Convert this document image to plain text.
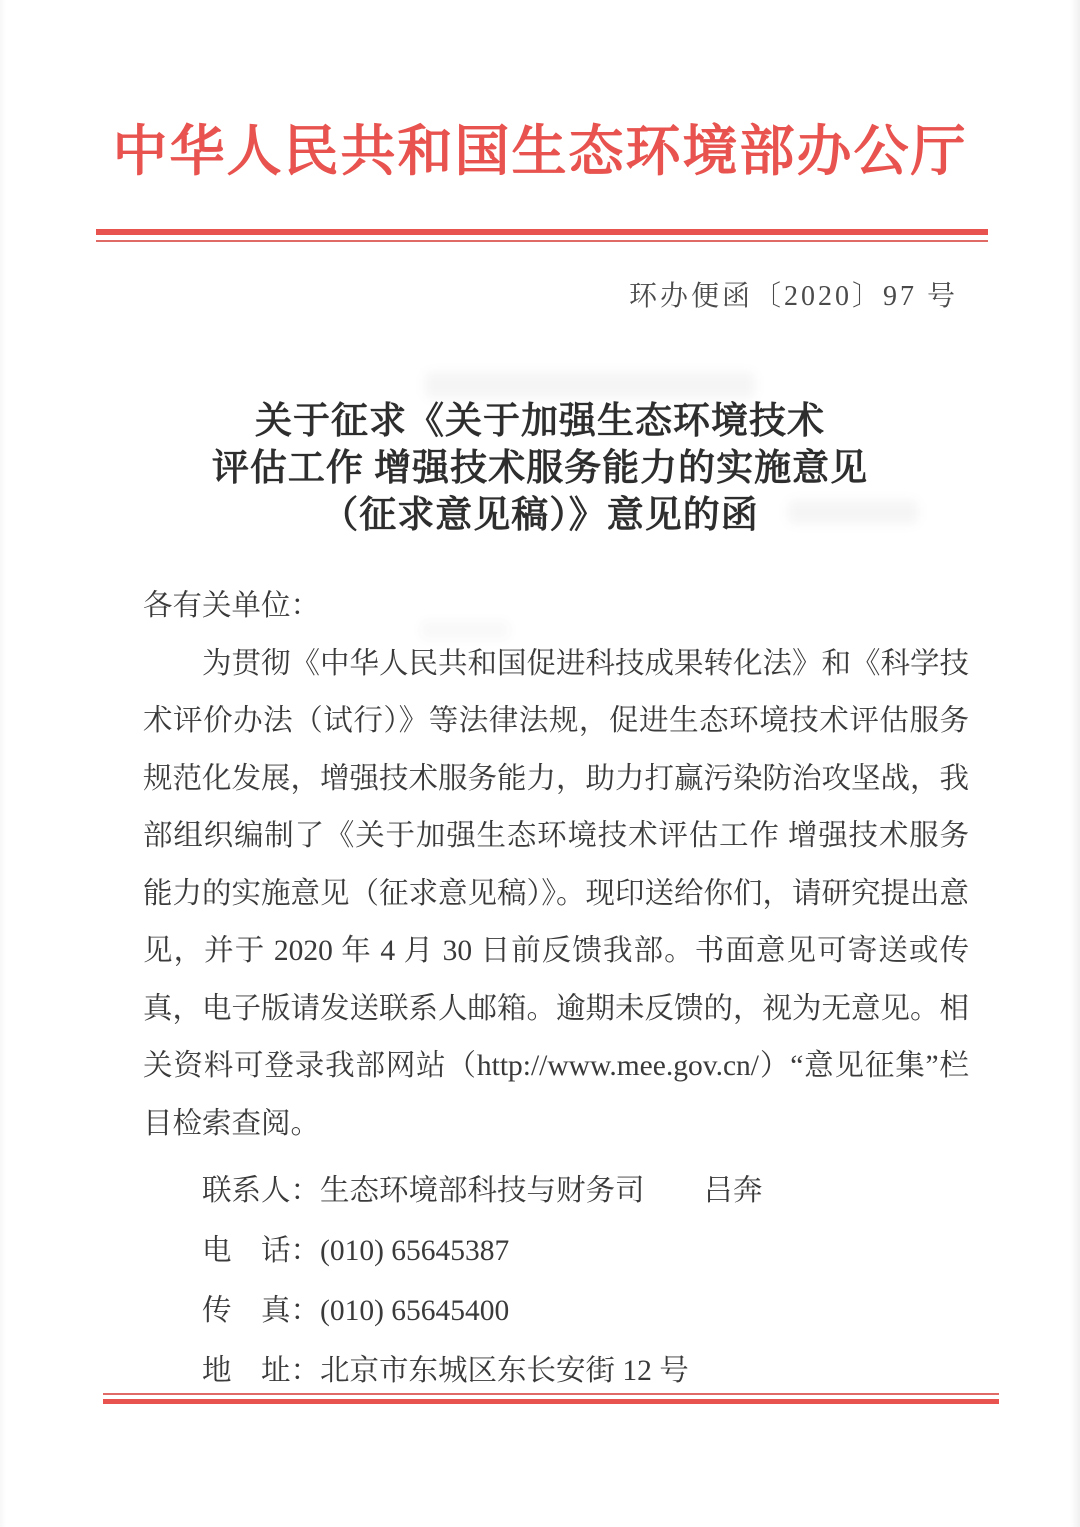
中华人民共和国生态环境部办公厅
环办便函〔2020〕97 号
关于征求《关于加强生态环境技术
评估工作 增强技术服务能力的实施意见
（征求意见稿）》意见的函

各有关单位：

为贯彻《中华人民共和国促进科技成果转化法》和《科学技术评价办法（试行）》等法律法规，促进生态环境技术评估服务规范化发展，增强技术服务能力，助力打赢污染防治攻坚战，我部组织编制了《关于加强生态环境技术评估工作 增强技术服务能力的实施意见（征求意见稿）》。现印送给你们，请研究提出意见，并于 2020 年 4 月 30 日前反馈我部。书面意见可寄送或传真，电子版请发送联系人邮箱。逾期未反馈的，视为无意见。相关资料可登录我部网站（http://www.mee.gov.cn/）“意见征集”栏目检索查阅。

联系人：生态环境部科技与财务司　　吕奔

电　话：(010) 65645387

传　真：(010) 65645400

地　址：北京市东城区东长安街 12 号
